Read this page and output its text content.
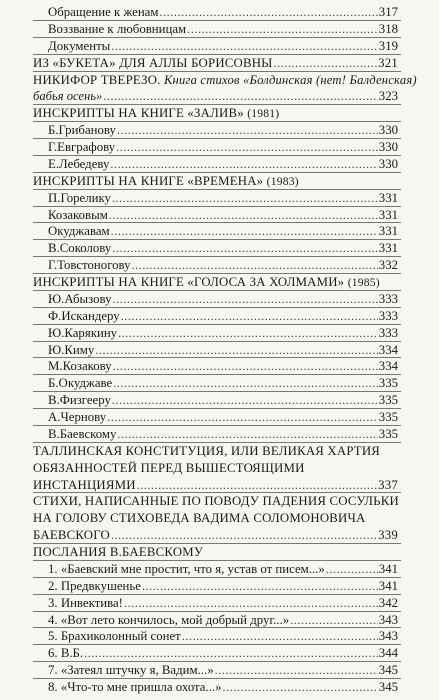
Обращение к женам .....	317
Воззвание к любовницам .....	318
Документы .....	319
ИЗ «БУКЕТА» ДЛЯ АЛЛЫ БОРИСОВНЫ .....	321
НИКИФОР ТВЕРЕЗО. Книга стихов «Болдинская (нет! Балденская)
бабья осень» .....	323
ИНСКРИПТЫ НА КНИГЕ «ЗАЛИВ» (1981)
Б.Грибанову .....	330
Г.Евграфову .....	330
Е.Лебедеву .....	330
ИНСКРИПТЫ НА КНИГЕ «ВРЕМЕНА» (1983)
П.Горелику .....	331
Козаковым .....	331
Окуджавам .....	331
В.Соколову .....	331
Г.Товстоногову .....	332
ИНСКРИПТЫ НА КНИГЕ «ГОЛОСА ЗА ХОЛМАМИ» (1985)
Ю.Абызову .....	333
Ф.Искандеру .....	333
Ю.Карякину .....	333
Ю.Киму .....	334
М.Козакову .....	334
Б.Окуджаве .....	335
В.Физгееру .....	335
А.Чернову .....	335
В.Баевскому .....	335
ТАЛЛИНСКАЯ КОНСТИТУЦИЯ, ИЛИ ВЕЛИКАЯ ХАРТИЯ
ОБЯЗАННОСТЕЙ ПЕРЕД ВЫШЕСТОЯЩИМИ
ИНСТАНЦИЯМИ .....	337
СТИХИ, НАПИСАННЫЕ ПО ПОВОДУ ПАДЕНИЯ СОСУЛЬКИ
НА ГОЛОВУ СТИХОВЕДА ВАДИМА СОЛОМОНОВИЧА
БАЕВСКОГО .....	339
ПОСЛАНИЯ В.БАЕВСКОМУ
1. «Баевский мне простит, что я, устав от писем...» .....	341
2. Предвкушенье .....	341
3. Инвектива! .....	342
4. «Вот лето кончилось, мой добрый друг...» .....	343
5. Брахиколонный сонет .....	343
6. В.Б. .....	344
7. «Затеял штучку я, Вадим...» .....	345
8. «Что-то мне пришла охота...» .....	345
